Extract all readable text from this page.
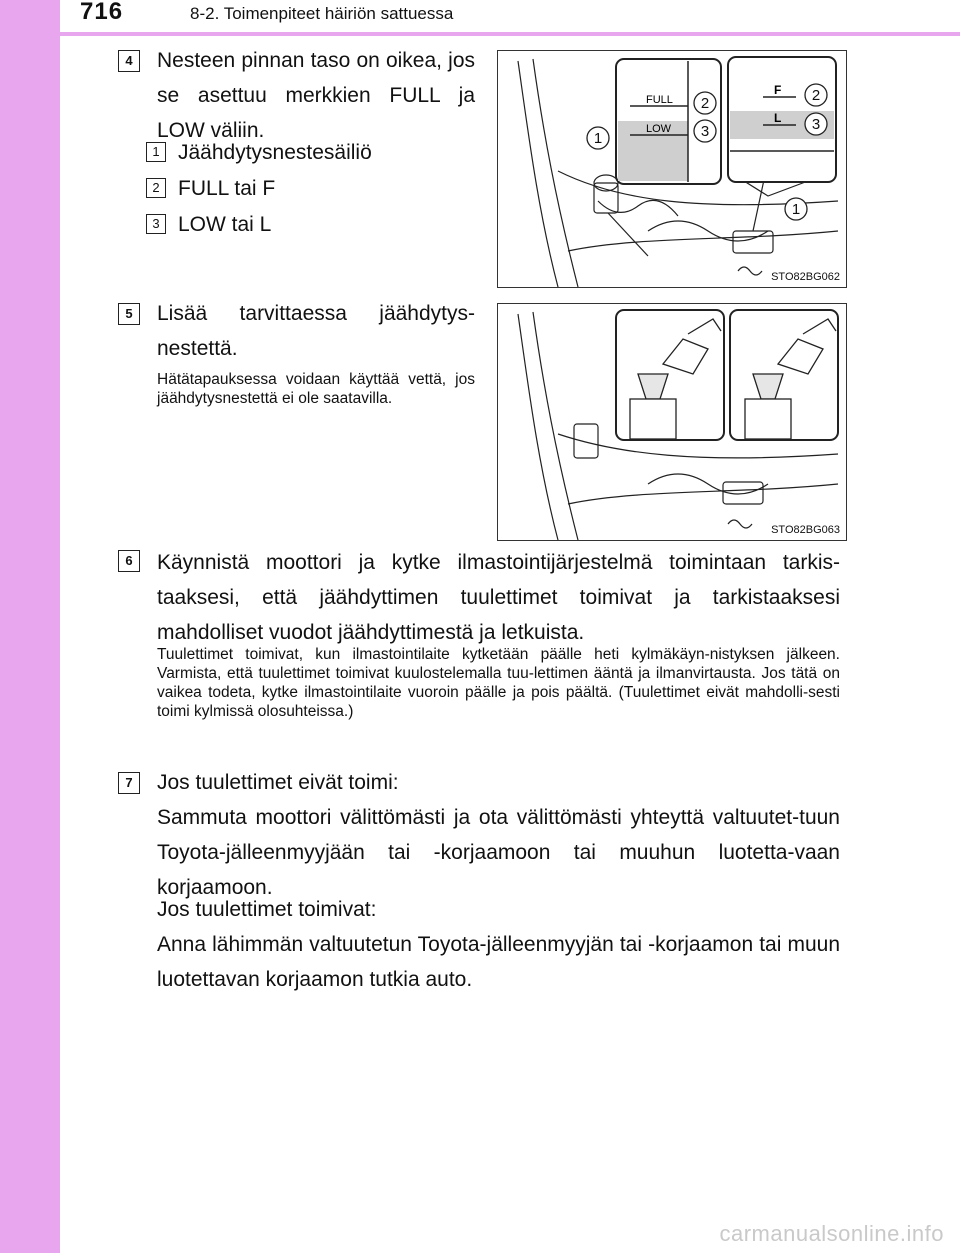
716	8-2. Toimenpiteet häiriön sattuessa
4	Nesteen pinnan taso on oikea, jos se asettuu merkkien FULL ja LOW väliin.
1 Jäähdytysnestesäiliö
2 FULL tai F
3 LOW tai L
FULL
LOW
F
L
1
2
3
2
3
1
STO82BG062
5	Lisää tarvittaessa jäähdytys-nestettä.
Hätätapauksessa voidaan käyttää vettä, jos jäähdytysnestettä ei ole saatavilla.
STO82BG063
6	Käynnistä moottori ja kytke ilmastointijärjestelmä toimintaan tarkis-taaksesi, että jäähdyttimen tuulettimet toimivat ja tarkistaaksesi mahdolliset vuodot jäähdyttimestä ja letkuista.
Tuulettimet toimivat, kun ilmastointilaite kytketään päälle heti kylmäkäyn-nistyksen jälkeen. Varmista, että tuulettimet toimivat kuulostelemalla tuu-lettimen ääntä ja ilmanvirtausta. Jos tätä on vaikea todeta, kytke ilmastointilaite vuoroin päälle ja pois päältä. (Tuulettimet eivät mahdolli-sesti toimi kylmissä olosuhteissa.)
7	Jos tuulettimet eivät toimi:
Sammuta moottori välittömästi ja ota välittömästi yhteyttä valtuutet-tuun Toyota-jälleenmyyjään tai -korjaamoon tai muuhun luotetta-vaan korjaamoon.
Jos tuulettimet toimivat:
Anna lähimmän valtuutetun Toyota-jälleenmyyjän tai -korjaamon tai muun luotettavan korjaamon tutkia auto.
carmanualsonline.info
